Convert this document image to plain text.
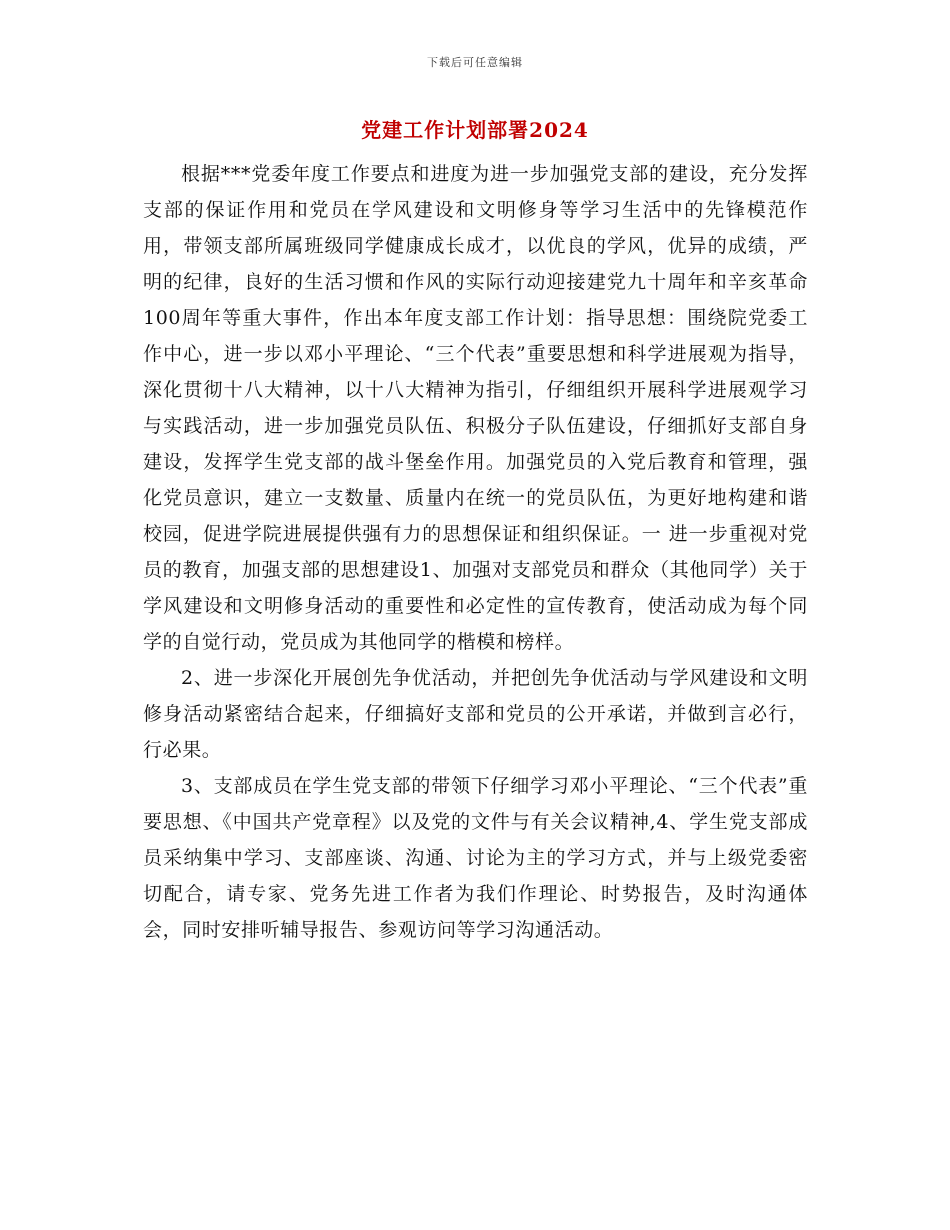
下载后可任意编辑
党建工作计划部署2024

根据***党委年度工作要点和进度为进一步加强党支部的建设，充分发挥支部的保证作用和党员在学风建设和文明修身等学习生活中的先锋模范作用，带领支部所属班级同学健康成长成才，以优良的学风，优异的成绩，严明的纪律，良好的生活习惯和作风的实际行动迎接建党九十周年和辛亥革命100周年等重大事件，作出本年度支部工作计划：指导思想：围绕院党委工作中心，进一步以邓小平理论、“三个代表”重要思想和科学进展观为指导，深化贯彻十八大精神，以十八大精神为指引，仔细组织开展科学进展观学习与实践活动，进一步加强党员队伍、积极分子队伍建设，仔细抓好支部自身建设，发挥学生党支部的战斗堡垒作用。加强党员的入党后教育和管理，强化党员意识，建立一支数量、质量内在统一的党员队伍，为更好地构建和谐校园，促进学院进展提供强有力的思想保证和组织保证。一 进一步重视对党员的教育，加强支部的思想建设1、加强对支部党员和群众（其他同学）关于学风建设和文明修身活动的重要性和必定性的宣传教育，使活动成为每个同学的自觉行动，党员成为其他同学的楷模和榜样。

2、进一步深化开展创先争优活动，并把创先争优活动与学风建设和文明修身活动紧密结合起来，仔细搞好支部和党员的公开承诺，并做到言必行，行必果。

3、支部成员在学生党支部的带领下仔细学习邓小平理论、“三个代表”重要思想、《中国共产党章程》以及党的文件与有关会议精神,4、学生党支部成员采纳集中学习、支部座谈、沟通、讨论为主的学习方式，并与上级党委密切配合，请专家、党务先进工作者为我们作理论、时势报告，及时沟通体会，同时安排听辅导报告、参观访问等学习沟通活动。
